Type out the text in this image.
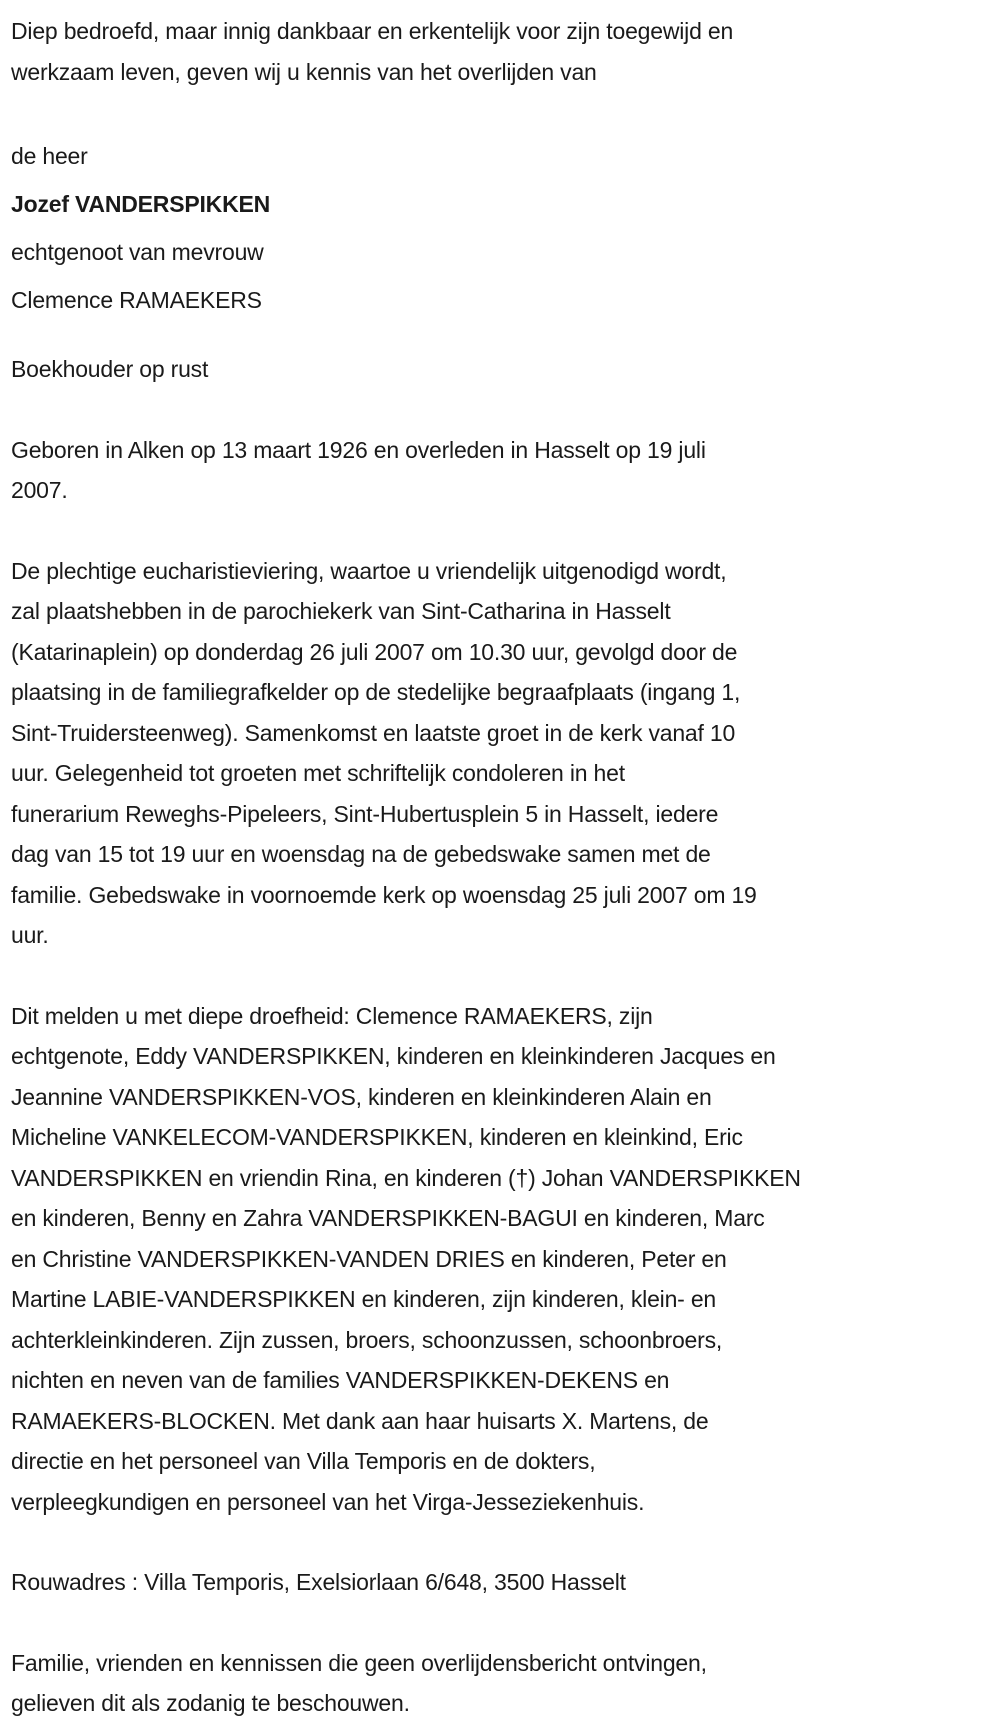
Diep bedroefd, maar innig dankbaar en erkentelijk voor zijn toegewijd en
werkzaam leven, geven wij u kennis van het overlijden van
de heer
Jozef VANDERSPIKKEN
echtgenoot van mevrouw
Clemence RAMAEKERS
Boekhouder op rust
Geboren in Alken op 13 maart 1926 en overleden in Hasselt op 19 juli
2007.
De plechtige eucharistieviering, waartoe u vriendelijk uitgenodigd wordt,
zal plaatshebben in de parochiekerk van Sint-Catharina in Hasselt
(Katarinaplein) op donderdag 26 juli 2007 om 10.30 uur, gevolgd door de
plaatsing in de familiegrafkelder op de stedelijke begraafplaats (ingang 1,
Sint-Truidersteenweg). Samenkomst en laatste groet in de kerk vanaf 10
uur. Gelegenheid tot groeten met schriftelijk condoleren in het
funerarium Reweghs-Pipeleers, Sint-Hubertusplein 5 in Hasselt, iedere
dag van 15 tot 19 uur en woensdag na de gebedswake samen met de
familie. Gebedswake in voornoemde kerk op woensdag 25 juli 2007 om 19
uur.
Dit melden u met diepe droefheid: Clemence RAMAEKERS, zijn
echtgenote, Eddy VANDERSPIKKEN, kinderen en kleinkinderen Jacques en
Jeannine VANDERSPIKKEN-VOS, kinderen en kleinkinderen Alain en
Micheline VANKELECOM-VANDERSPIKKEN, kinderen en kleinkind, Eric
VANDERSPIKKEN en vriendin Rina, en kinderen (†) Johan VANDERSPIKKEN
en kinderen, Benny en Zahra VANDERSPIKKEN-BAGUI en kinderen, Marc
en Christine VANDERSPIKKEN-VANDEN DRIES en kinderen, Peter en
Martine LABIE-VANDERSPIKKEN en kinderen, zijn kinderen, klein- en
achterkleinkinderen. Zijn zussen, broers, schoonzussen, schoonbroers,
nichten en neven van de families VANDERSPIKKEN-DEKENS en
RAMAEKERS-BLOCKEN. Met dank aan haar huisarts X. Martens, de
directie en het personeel van Villa Temporis en de dokters,
verpleegkundigen en personeel van het Virga-Jesseziekenhuis.
Rouwadres : Villa Temporis, Exelsiorlaan 6/648, 3500 Hasselt
Familie, vrienden en kennissen die geen overlijdensbericht ontvingen,
gelieven dit als zodanig te beschouwen.
